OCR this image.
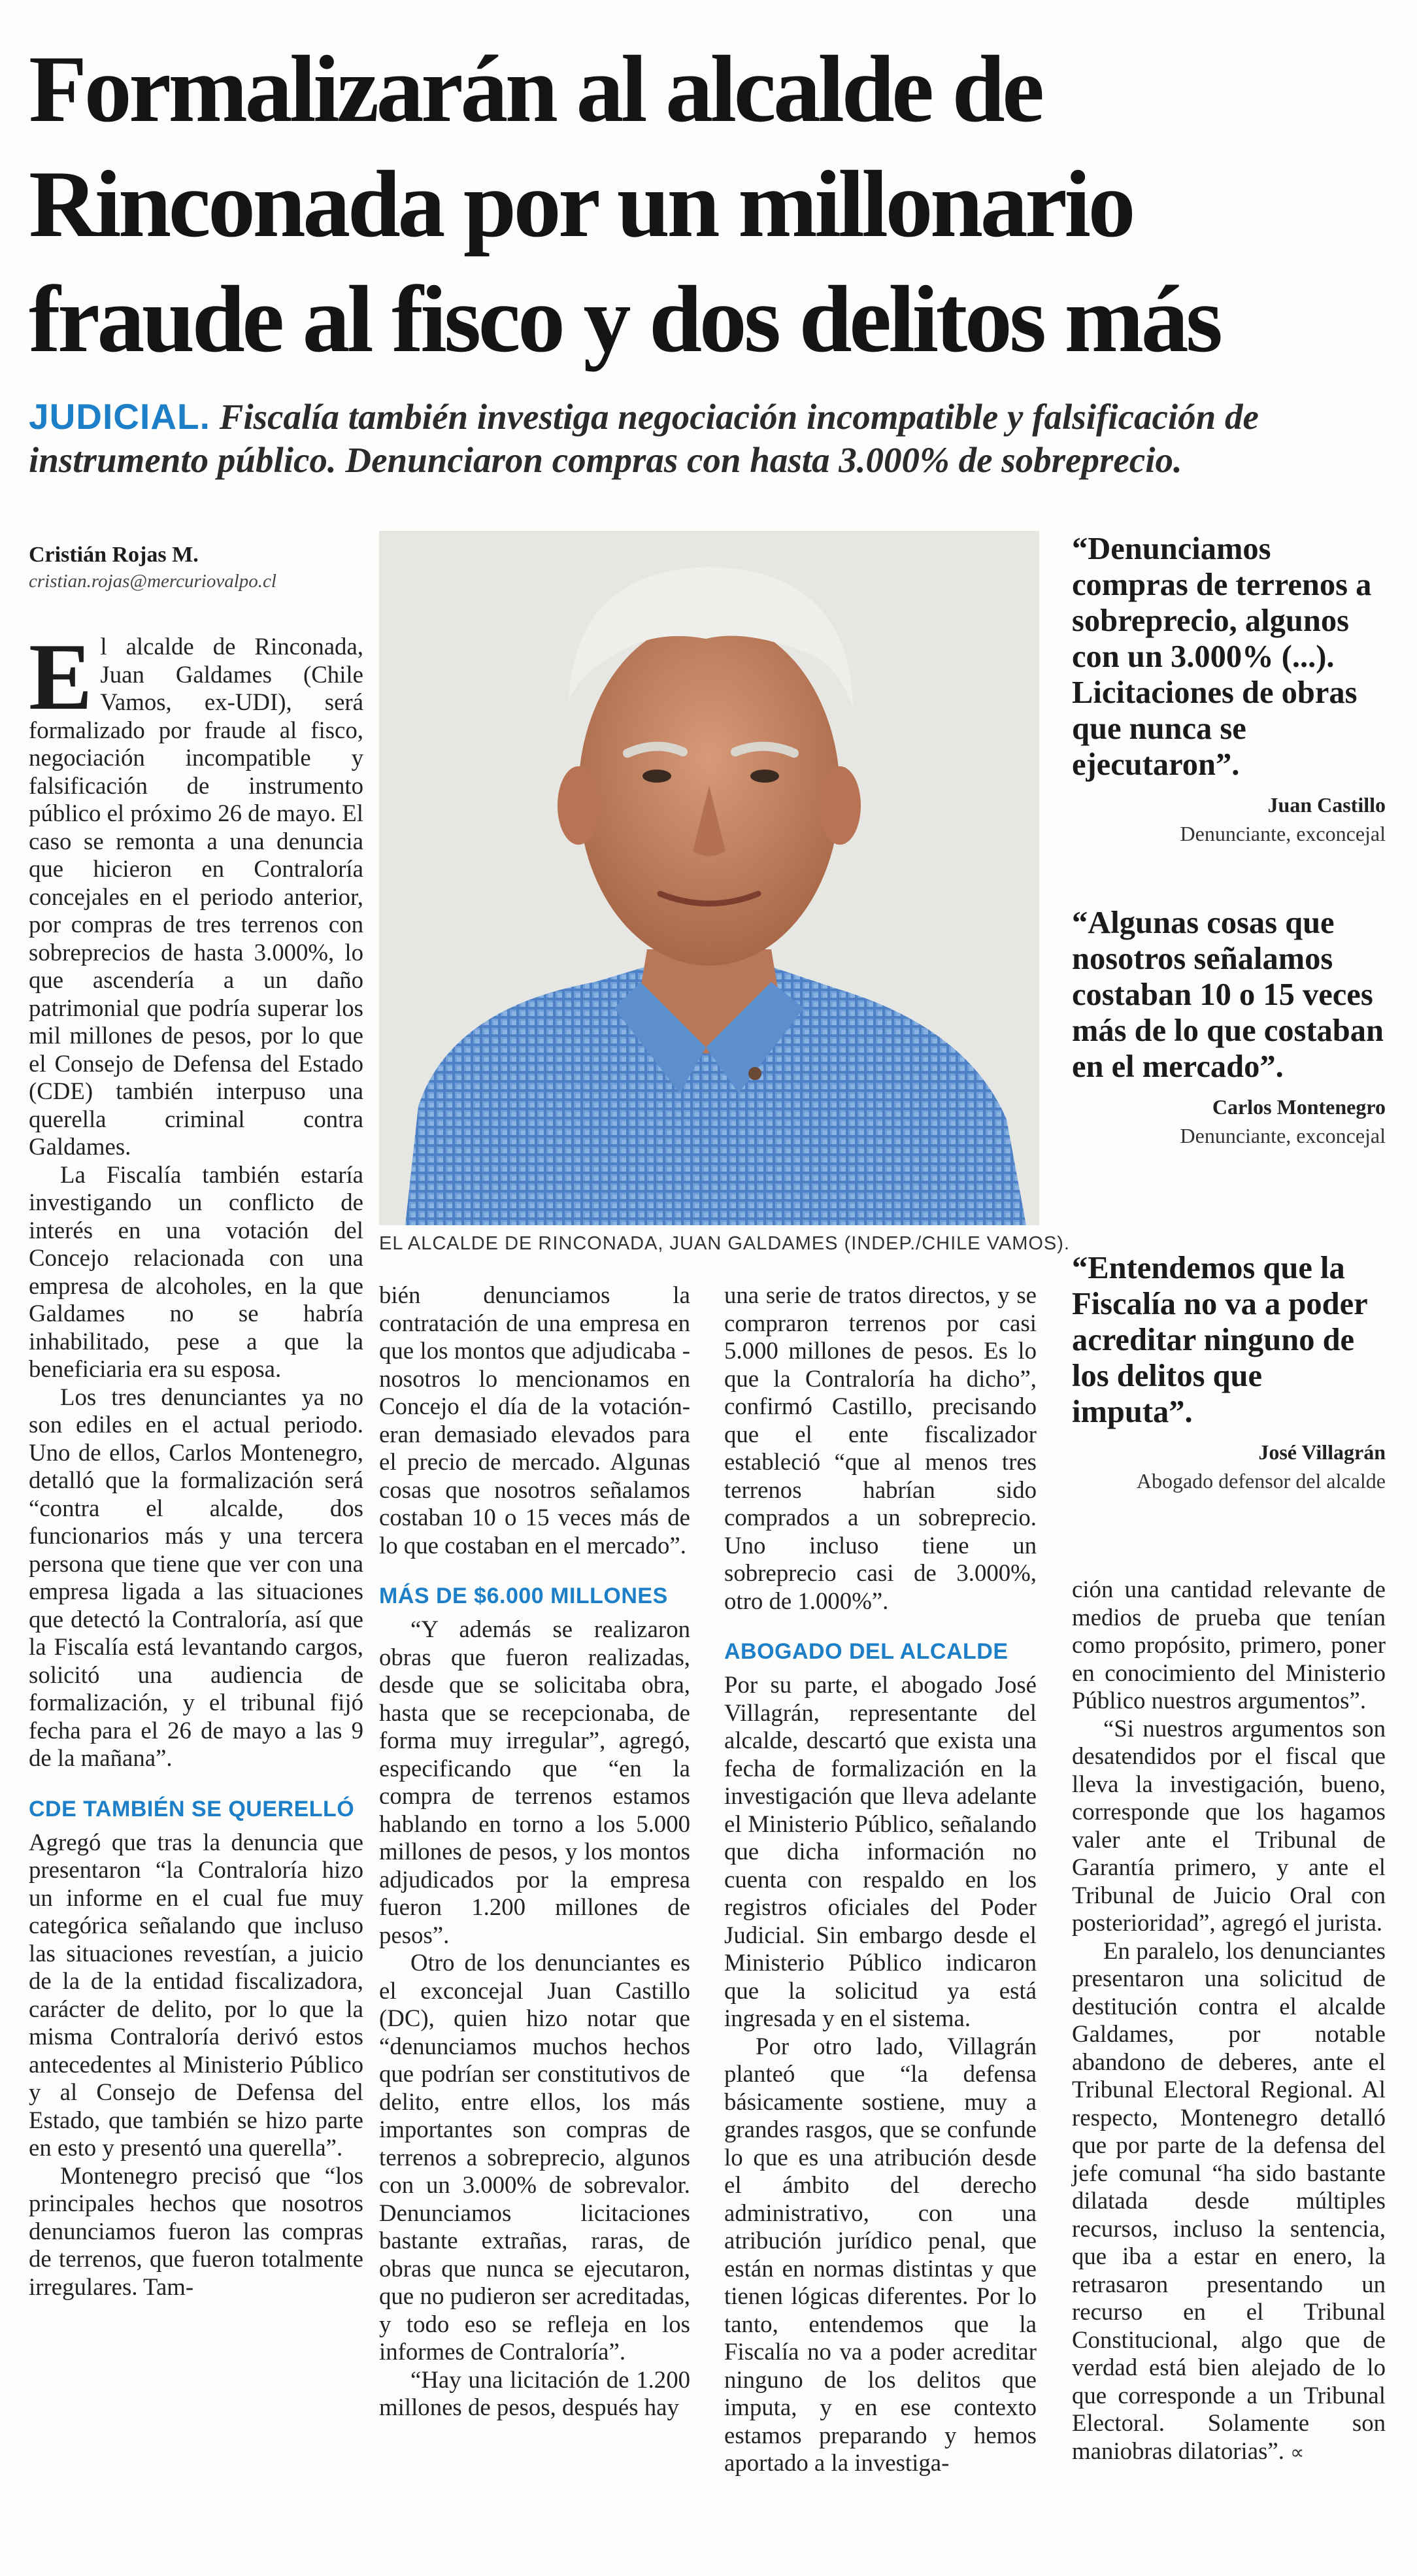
Formalizarán al alcalde de
Rinconada por un millonario
fraude al fisco y dos delitos más
JUDICIAL. Fiscalía también investiga negociación incompatible y falsificación de instrumento público. Denunciaron compras con hasta 3.000% de sobreprecio.
Cristián Rojas M.
cristian.rojas@mercuriovalpo.cl

El alcalde de Rinconada, Juan Galdames (Chile Vamos, ex-UDI), será formalizado por fraude al fisco, negociación incompatible y falsificación de instrumento público el próximo 26 de mayo. El caso se remonta a una denuncia que hicieron en Contraloría concejales en el periodo anterior, por compras de tres terrenos con sobreprecios de hasta 3.000%, lo que ascendería a un daño patrimonial que podría superar los mil millones de pesos, por lo que el Consejo de Defensa del Estado (CDE) también interpuso una querella criminal contra Galdames.

La Fiscalía también estaría investigando un conflicto de interés en una votación del Concejo relacionada con una empresa de alcoholes, en la que Galdames no se habría inhabilitado, pese a que la beneficiaria era su esposa.

Los tres denunciantes ya no son ediles en el actual periodo. Uno de ellos, Carlos Montenegro, detalló que la formalización será “contra el alcalde, dos funcionarios más y una tercera persona que tiene que ver con una empresa ligada a las situaciones que detectó la Contraloría, así que la Fiscalía está levantando cargos, solicitó una audiencia de formalización, y el tribunal fijó fecha para el 26 de mayo a las 9 de la mañana”.

CDE TAMBIÉN SE QUERELLÓ

Agregó que tras la denuncia que presentaron “la Contraloría hizo un informe en el cual fue muy categórica señalando que incluso las situaciones revestían, a juicio de la de la entidad fiscalizadora, carácter de delito, por lo que la misma Contraloría derivó estos antecedentes al Ministerio Público y al Consejo de Defensa del Estado, que también se hizo parte en esto y presentó una querella”.

Montenegro precisó que “los principales hechos que nosotros denunciamos fueron las compras de terrenos, que fueron totalmente irregulares. Tam-

EL ALCALDE DE RINCONADA, JUAN GALDAMES (INDEP./CHILE VAMOS).

bién denunciamos la contratación de una empresa en que los montos que adjudicaba -nosotros lo mencionamos en Concejo el día de la votación- eran demasiado elevados para el precio de mercado. Algunas cosas que nosotros señalamos costaban 10 o 15 veces más de lo que costaban en el mercado”.

MÁS DE $6.000 MILLONES

“Y además se realizaron obras que fueron realizadas, desde que se solicitaba obra, hasta que se recepcionaba, de forma muy irregular”, agregó, especificando que “en la compra de terrenos estamos hablando en torno a los 5.000 millones de pesos, y los montos adjudicados por la empresa fueron 1.200 millones de pesos”.

Otro de los denunciantes es el exconcejal Juan Castillo (DC), quien hizo notar que “denunciamos muchos hechos que podrían ser constitutivos de delito, entre ellos, los más importantes son compras de terrenos a sobreprecio, algunos con un 3.000% de sobrevalor. Denunciamos licitaciones bastante extrañas, raras, de obras que nunca se ejecutaron, que no pudieron ser acreditadas, y todo eso se refleja en los informes de Contraloría”.

“Hay una licitación de 1.200 millones de pesos, después hay

una serie de tratos directos, y se compraron terrenos por casi 5.000 millones de pesos. Es lo que la Contraloría ha dicho”, confirmó Castillo, precisando que el ente fiscalizador estableció “que al menos tres terrenos habrían sido comprados a un sobreprecio. Uno incluso tiene un sobreprecio casi de 3.000%, otro de 1.000%”.

ABOGADO DEL ALCALDE

Por su parte, el abogado José Villagrán, representante del alcalde, descartó que exista una fecha de formalización en la investigación que lleva adelante el Ministerio Público, señalando que dicha información no cuenta con respaldo en los registros oficiales del Poder Judicial. Sin embargo desde el Ministerio Público indicaron que la solicitud ya está ingresada y en el sistema.

Por otro lado, Villagrán planteó que “la defensa básicamente sostiene, muy a grandes rasgos, que se confunde lo que es una atribución desde el ámbito del derecho administrativo, con una atribución jurídico penal, que están en normas distintas y que tienen lógicas diferentes. Por lo tanto, entendemos que la Fiscalía no va a poder acreditar ninguno de los delitos que imputa, y en ese contexto estamos preparando y hemos aportado a la investiga-

“Denunciamos compras de terrenos a sobreprecio, algunos con un 3.000% (...). Licitaciones de obras que nunca se ejecutaron”.

Juan Castillo
Denunciante, exconcejal

“Algunas cosas que nosotros señalamos costaban 10 o 15 veces más de lo que costaban en el mercado”.

Carlos Montenegro
Denunciante, exconcejal

“Entendemos que la Fiscalía no va a poder acreditar ninguno de los delitos que imputa”.

José Villagrán
Abogado defensor del alcalde

ción una cantidad relevante de medios de prueba que tenían como propósito, primero, poner en conocimiento del Ministerio Público nuestros argumentos”.

“Si nuestros argumentos son desatendidos por el fiscal que lleva la investigación, bueno, corresponde que los hagamos valer ante el Tribunal de Garantía primero, y ante el Tribunal de Juicio Oral con posterioridad”, agregó el jurista.

En paralelo, los denunciantes presentaron una solicitud de destitución contra el alcalde Galdames, por notable abandono de deberes, ante el Tribunal Electoral Regional. Al respecto, Montenegro detalló que por parte de la defensa del jefe comunal “ha sido bastante dilatada desde múltiples recursos, incluso la sentencia, que iba a estar en enero, la retrasaron presentando un recurso en el Tribunal Constitucional, algo que de verdad está bien alejado de lo que corresponde a un Tribunal Electoral. Solamente son maniobras dilatorias”. ∝
